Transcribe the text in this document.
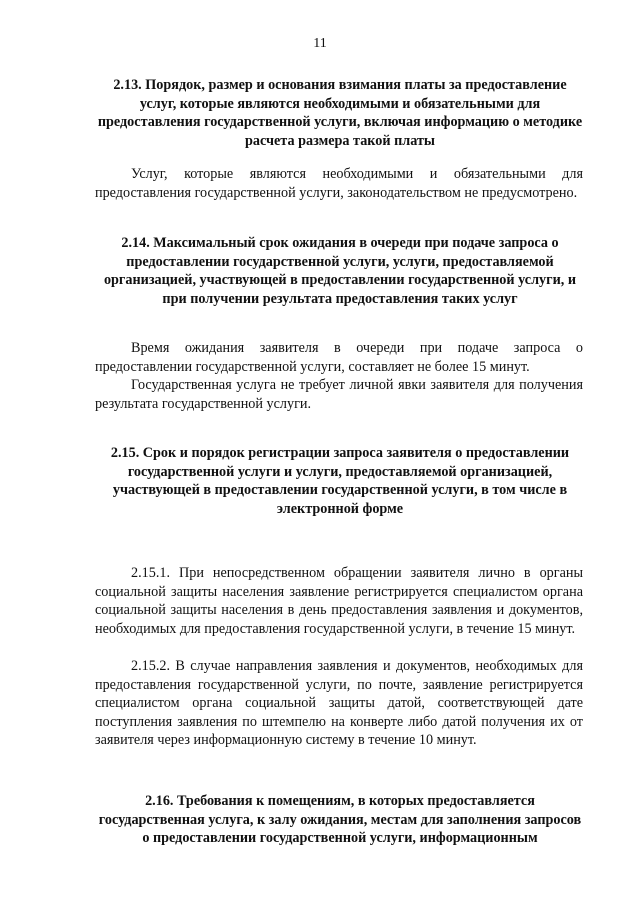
11

2.13. Порядок, размер и основания взимания платы за предоставление услуг, которые являются необходимыми и обязательными для предоставления государственной услуги, включая информацию о методике расчета размера такой платы

Услуг, которые являются необходимыми и обязательными для предоставления государственной услуги, законодательством не предусмотрено.

2.14. Максимальный срок ожидания в очереди при подаче запроса о предоставлении государственной услуги, услуги, предоставляемой организацией, участвующей в предоставлении государственной услуги, и при получении результата предоставления таких услуг

Время ожидания заявителя в очереди при подаче запроса о предоставлении государственной услуги, составляет не более 15 минут.

Государственная услуга не требует личной явки заявителя для получения результата государственной услуги.

2.15. Срок и порядок регистрации запроса заявителя о предоставлении государственной услуги и услуги, предоставляемой организацией, участвующей в предоставлении государственной услуги, в том числе в электронной форме

2.15.1. При непосредственном обращении заявителя лично в органы социальной защиты населения заявление регистрируется специалистом органа социальной защиты населения в день предоставления заявления и документов, необходимых для предоставления государственной услуги, в течение 15 минут.

2.15.2. В случае направления заявления и документов, необходимых для предоставления государственной услуги, по почте, заявление регистрируется специалистом органа социальной защиты датой, соответствующей дате поступления заявления по штемпелю на конверте либо датой получения их от заявителя через информационную систему в течение 10 минут.

2.16. Требования к помещениям, в которых предоставляется государственная услуга, к залу ожидания, местам для заполнения запросов о предоставлении государственной услуги, информационным
